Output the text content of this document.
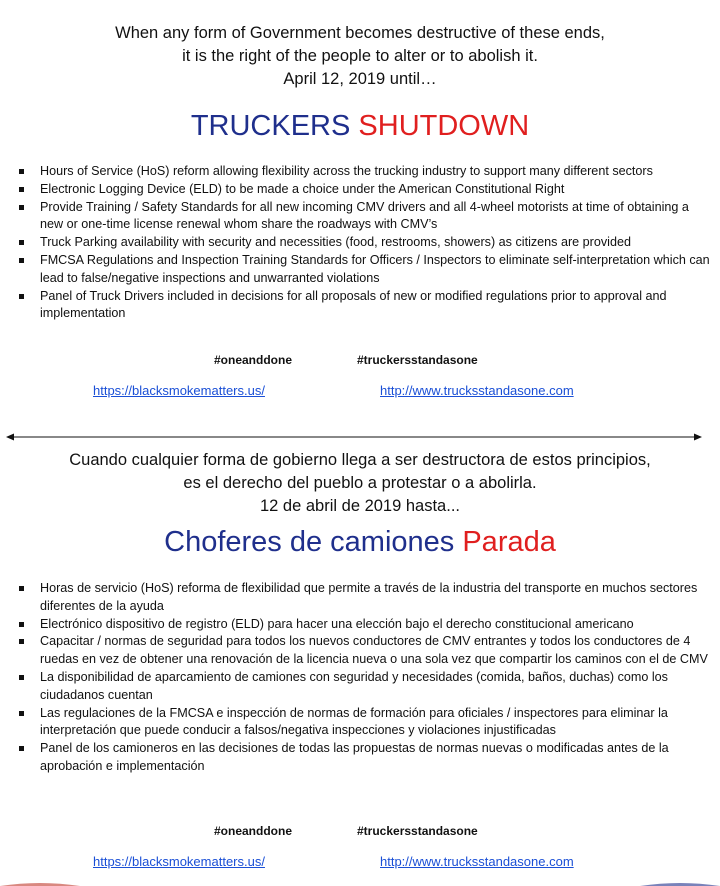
When any form of Government becomes destructive of these ends,
it is the right of the people to alter or to abolish it.
April 12, 2019 until…
TRUCKERS SHUTDOWN
Hours of Service (HoS) reform allowing flexibility across the trucking industry to support many different sectors
Electronic Logging Device (ELD) to be made a choice under the American Constitutional Right
Provide Training / Safety Standards for all new incoming CMV drivers and all 4-wheel motorists at time of obtaining a new or one-time license renewal whom share the roadways with CMV’s
Truck Parking availability with security and necessities (food, restrooms, showers) as citizens are provided
FMCSA Regulations and Inspection Training Standards for Officers / Inspectors to eliminate self-interpretation which can lead to false/negative inspections and unwarranted violations
Panel of Truck Drivers included in decisions for all proposals of new or modified regulations prior to approval and implementation
#oneanddone	#truckersstandasone
https://blacksmokematters.us/	http://www.trucksstandasone.com
Cuando cualquier forma de gobierno llega a ser destructora de estos principios,
es el derecho del pueblo a protestar o a abolirla.
12 de abril de 2019 hasta...
Choferes de camiones Parada
Horas de servicio (HoS) reforma de flexibilidad que permite a través de la industria del transporte en muchos sectores diferentes de la ayuda
Electrónico dispositivo de registro (ELD) para hacer una elección bajo el derecho constitucional americano
Capacitar / normas de seguridad para todos los nuevos conductores de CMV entrantes y todos los conductores de 4 ruedas en vez de obtener una renovación de la licencia nueva o una sola vez que compartir los caminos con el de CMV
La disponibilidad de aparcamiento de camiones con seguridad y necesidades (comida, baños, duchas) como los ciudadanos cuentan
Las regulaciones de la FMCSA e inspección de normas de formación para oficiales / inspectores para eliminar la interpretación que puede conducir a falsos/negativa inspecciones y violaciones injustificadas
Panel de los camioneros en las decisiones de todas las propuestas de normas nuevas o modificadas antes de la aprobación e implementación
#oneanddone	#truckersstandasone
https://blacksmokematters.us/	http://www.trucksstandasone.com
